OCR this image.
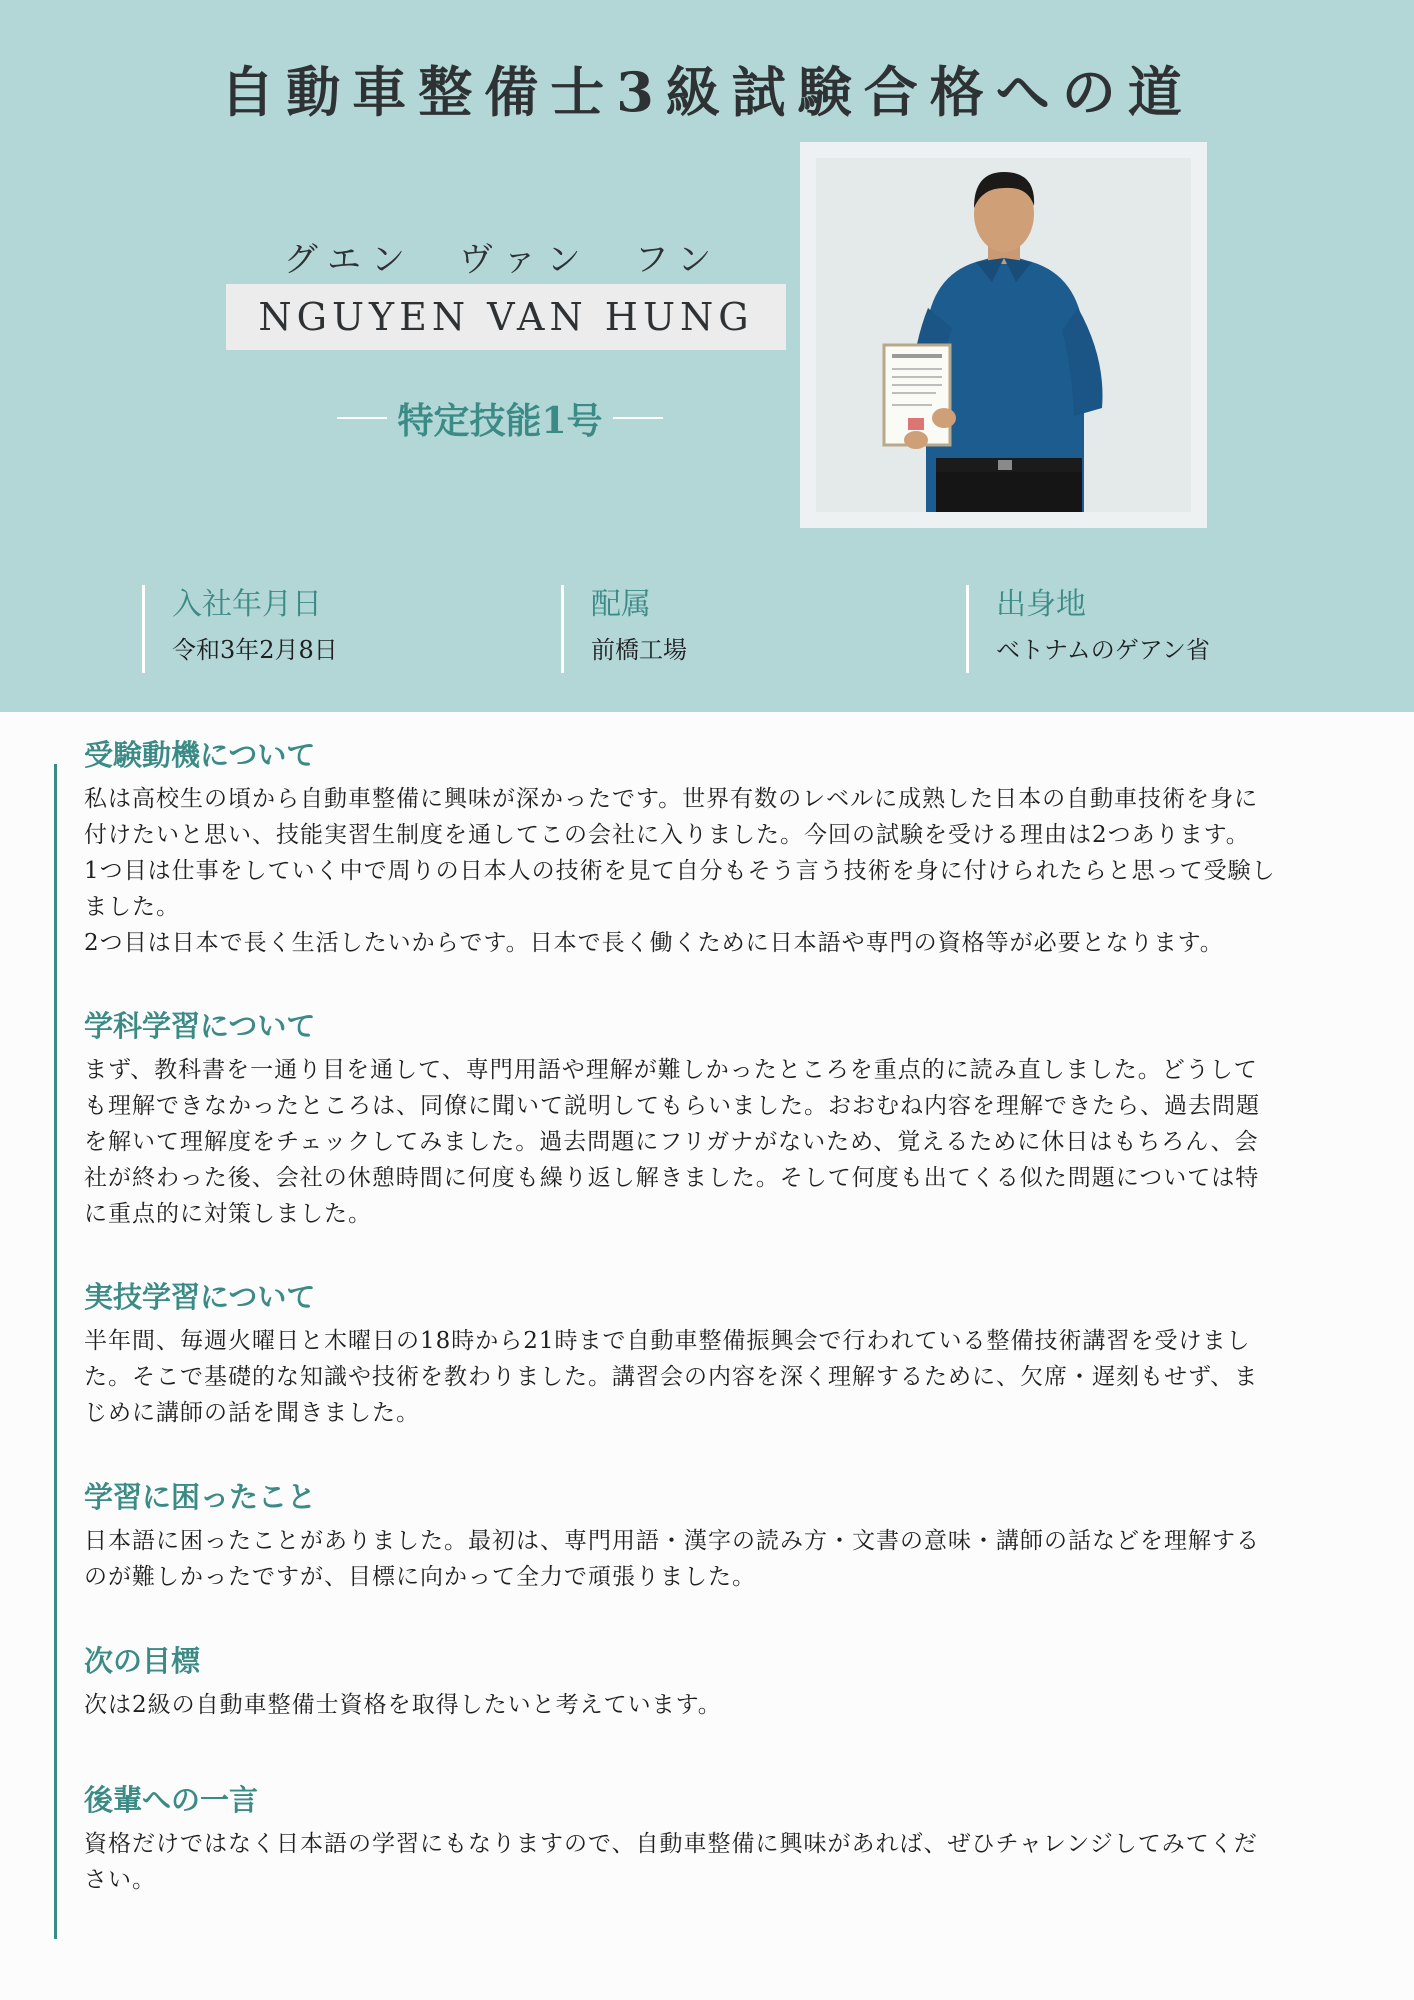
自動車整備士3級試験合格への道
グエン　ヴァン　フン
NGUYEN VAN HUNG
特定技能1号
入社年月日
令和3年2月8日
配属
前橋工場
出身地
ベトナムのゲアン省
受験動機について

私は高校生の頃から自動車整備に興味が深かったです。世界有数のレベルに成熟した日本の自動車技術を身に
付けたいと思い、技能実習生制度を通してこの会社に入りました。今回の試験を受ける理由は2つあります。
1つ目は仕事をしていく中で周りの日本人の技術を見て自分もそう言う技術を身に付けられたらと思って受験し
ました。
2つ目は日本で長く生活したいからです。日本で長く働くために日本語や専門の資格等が必要となります。

学科学習について

まず、教科書を一通り目を通して、専門用語や理解が難しかったところを重点的に読み直しました。どうして
も理解できなかったところは、同僚に聞いて説明してもらいました。おおむね内容を理解できたら、過去問題
を解いて理解度をチェックしてみました。過去問題にフリガナがないため、覚えるために休日はもちろん、会
社が終わった後、会社の休憩時間に何度も繰り返し解きました。そして何度も出てくる似た問題については特
に重点的に対策しました。

実技学習について

半年間、毎週火曜日と木曜日の18時から21時まで自動車整備振興会で行われている整備技術講習を受けまし
た。そこで基礎的な知識や技術を教わりました。講習会の内容を深く理解するために、欠席・遅刻もせず、ま
じめに講師の話を聞きました。

学習に困ったこと

日本語に困ったことがありました。最初は、専門用語・漢字の読み方・文書の意味・講師の話などを理解する
のが難しかったですが、目標に向かって全力で頑張りました。

次の目標

次は2級の自動車整備士資格を取得したいと考えています。

後輩への一言

資格だけではなく日本語の学習にもなりますので、自動車整備に興味があれば、ぜひチャレンジしてみてくだ
さい。
